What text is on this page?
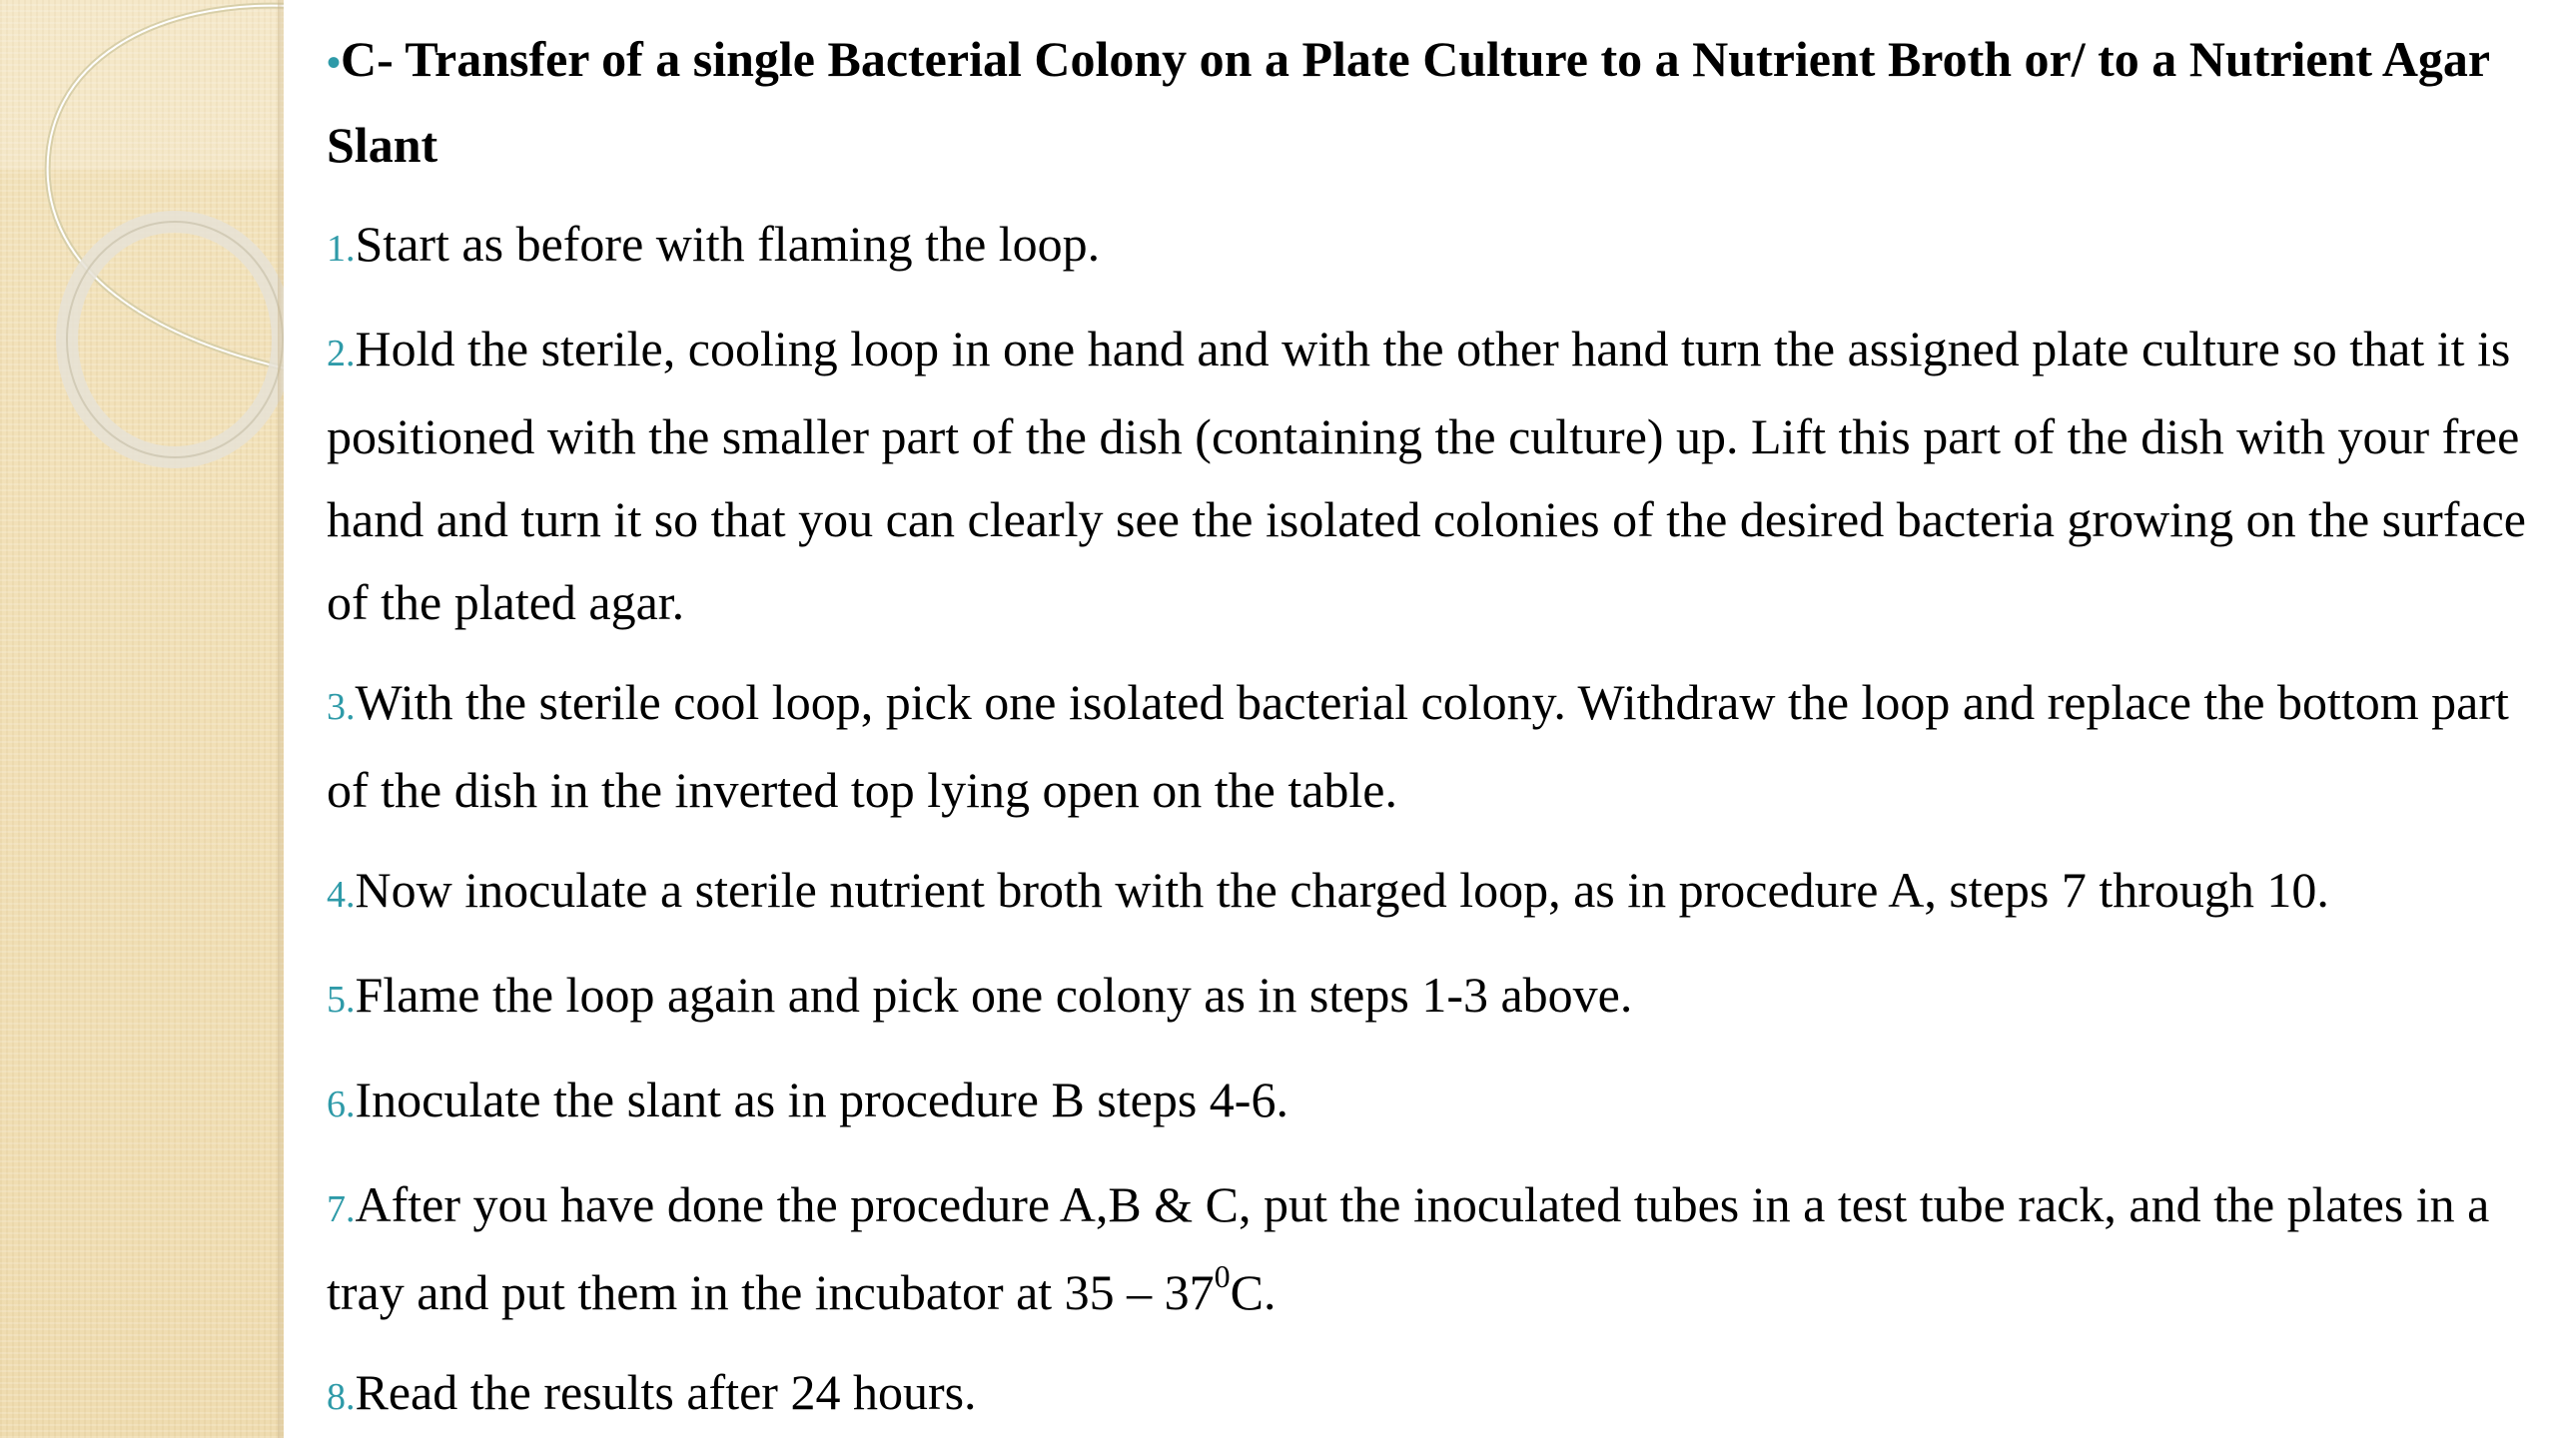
•C- Transfer of a single Bacterial Colony on a Plate Culture to a Nutrient Broth or/ to a Nutrient Agar Slant
1.Start as before with flaming the loop.
2.Hold the sterile, cooling loop in one hand and with the other hand turn the assigned plate culture so that it is positioned with the smaller part of the dish (containing the culture) up. Lift this part of the dish with your free hand and turn it so that you can clearly see the isolated colonies of the desired bacteria growing on the surface of the plated agar.
3.With the sterile cool loop, pick one isolated bacterial colony. Withdraw the loop and replace the bottom part of the dish in the inverted top lying open on the table.
4.Now inoculate a sterile nutrient broth with the charged loop, as in procedure A, steps 7 through 10.
5.Flame the loop again and pick one colony as in steps 1-3 above.
6.Inoculate the slant as in procedure B steps 4-6.
7.After you have done the procedure A,B & C, put the inoculated tubes in a test tube rack, and the plates in a tray and put them in the incubator at $35 - 37^0C$.
8.Read the results after 24 hours.
